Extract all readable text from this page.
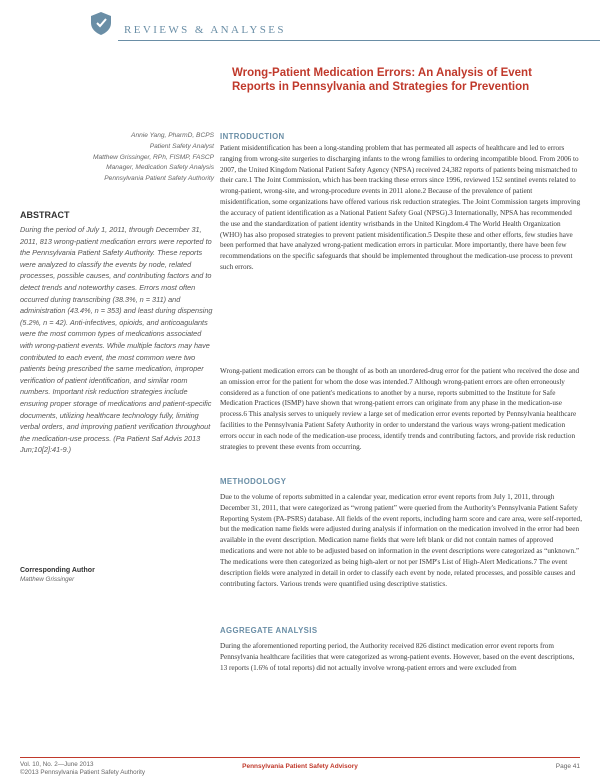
REVIEWS & ANALYSES
Wrong-Patient Medication Errors: An Analysis of Event Reports in Pennsylvania and Strategies for Prevention
Annie Yang, PharmD, BCPS
Patient Safety Analyst
Matthew Grissinger, RPh, FISMP, FASCP
Manager, Medication Safety Analysis
Pennsylvania Patient Safety Authority
ABSTRACT

During the period of July 1, 2011, through December 31, 2011, 813 wrong-patient medication errors were reported to the Pennsylvania Patient Safety Authority. These reports were analyzed to classify the events by node, related processes, possible causes, and contributing factors and to detect trends and noteworthy cases. Errors most often occurred during transcribing (38.3%, n = 311) and administration (43.4%, n = 353) and least during dispensing (5.2%, n = 42). Anti-infectives, opioids, and anticoagulants were the most common types of medications associated with wrong-patient events. While multiple factors may have contributed to each event, the most common were two patients being prescribed the same medication, improper verification of patient identification, and similar room numbers. Important risk reduction strategies include ensuring proper storage of medications and patient-specific documents, utilizing healthcare technology fully, limiting verbal orders, and improving patient verification throughout the medication-use process. (Pa Patient Saf Advis 2013 Jun;10[2]:41-9.)

Corresponding Author
Matthew Grissinger
INTRODUCTION

Patient misidentification has been a long-standing problem that has permeated all aspects of healthcare and led to errors ranging from wrong-site surgeries to discharging infants to the wrong families to ordering incompatible blood. From 2006 to 2007, the United Kingdom National Patient Safety Agency (NPSA) received 24,382 reports of patients being mismatched to their care.1 The Joint Commission, which has been tracking these errors since 1996, reviewed 152 sentinel events related to wrong-patient, wrong-site, and wrong-procedure events in 2011 alone.2 Because of the prevalence of patient misidentification, some organizations have offered various risk reduction strategies. The Joint Commission targets improving the accuracy of patient identification as a National Patient Safety Goal (NPSG).3 Internationally, NPSA has recommended the use and the standardization of patient identity wristbands in the United Kingdom.4 The World Health Organization (WHO) has also proposed strategies to prevent patient misidentification.5 Despite these and other efforts, few studies have been performed that have analyzed wrong-patient medication errors in particular. More importantly, there have been few recommendations on the specific safeguards that should be implemented throughout the medication-use process to prevent such errors.

Wrong-patient medication errors can be thought of as both an unordered-drug error for the patient who received the dose and an omission error for the patient for whom the dose was intended.7 Although wrong-patient errors are often erroneously considered as a function of one patient's medications to another by a nurse, reports submitted to the Institute for Safe Medication Practices (ISMP) have shown that wrong-patient errors can originate from any phase in the medication-use process.6 This analysis serves to uniquely review a large set of medication error events reported by Pennsylvania healthcare facilities to the Pennsylvania Patient Safety Authority in order to understand the various ways wrong-patient medication errors occur in each node of the medication-use process, identify trends and contributing factors, and provide risk reduction strategies to prevent these events from occurring.

METHODOLOGY

Due to the volume of reports submitted in a calendar year, medication error event reports from July 1, 2011, through December 31, 2011, that were categorized as “wrong patient” were queried from the Authority's Pennsylvania Patient Safety Reporting System (PA-PSRS) database. All fields of the event reports, including harm score and care area, were self-reported, but the medication name fields were adjusted during analysis if information on the medication involved in the error had been available in the event description. Medication name fields that were left blank or did not contain names of approved medications and were not able to be adjusted based on information in the event descriptions were categorized as “unknown.” The medications were then categorized as being high-alert or not per ISMP's List of High-Alert Medications.7 The event description fields were analyzed in detail in order to classify each event by node, related processes, and possible causes and contributing factors. Various trends were quantified using descriptive statistics.

AGGREGATE ANALYSIS

During the aforementioned reporting period, the Authority received 826 distinct medication error event reports from Pennsylvania healthcare facilities that were categorized as wrong-patient events. However, based on the event descriptions, 13 reports (1.6% of total reports) did not actually involve wrong-patient errors and were excluded from

Vol. 10, No. 2—June 2013
©2013 Pennsylvania Patient Safety Authority
Pennsylvania Patient Safety Advisory	Page 41
